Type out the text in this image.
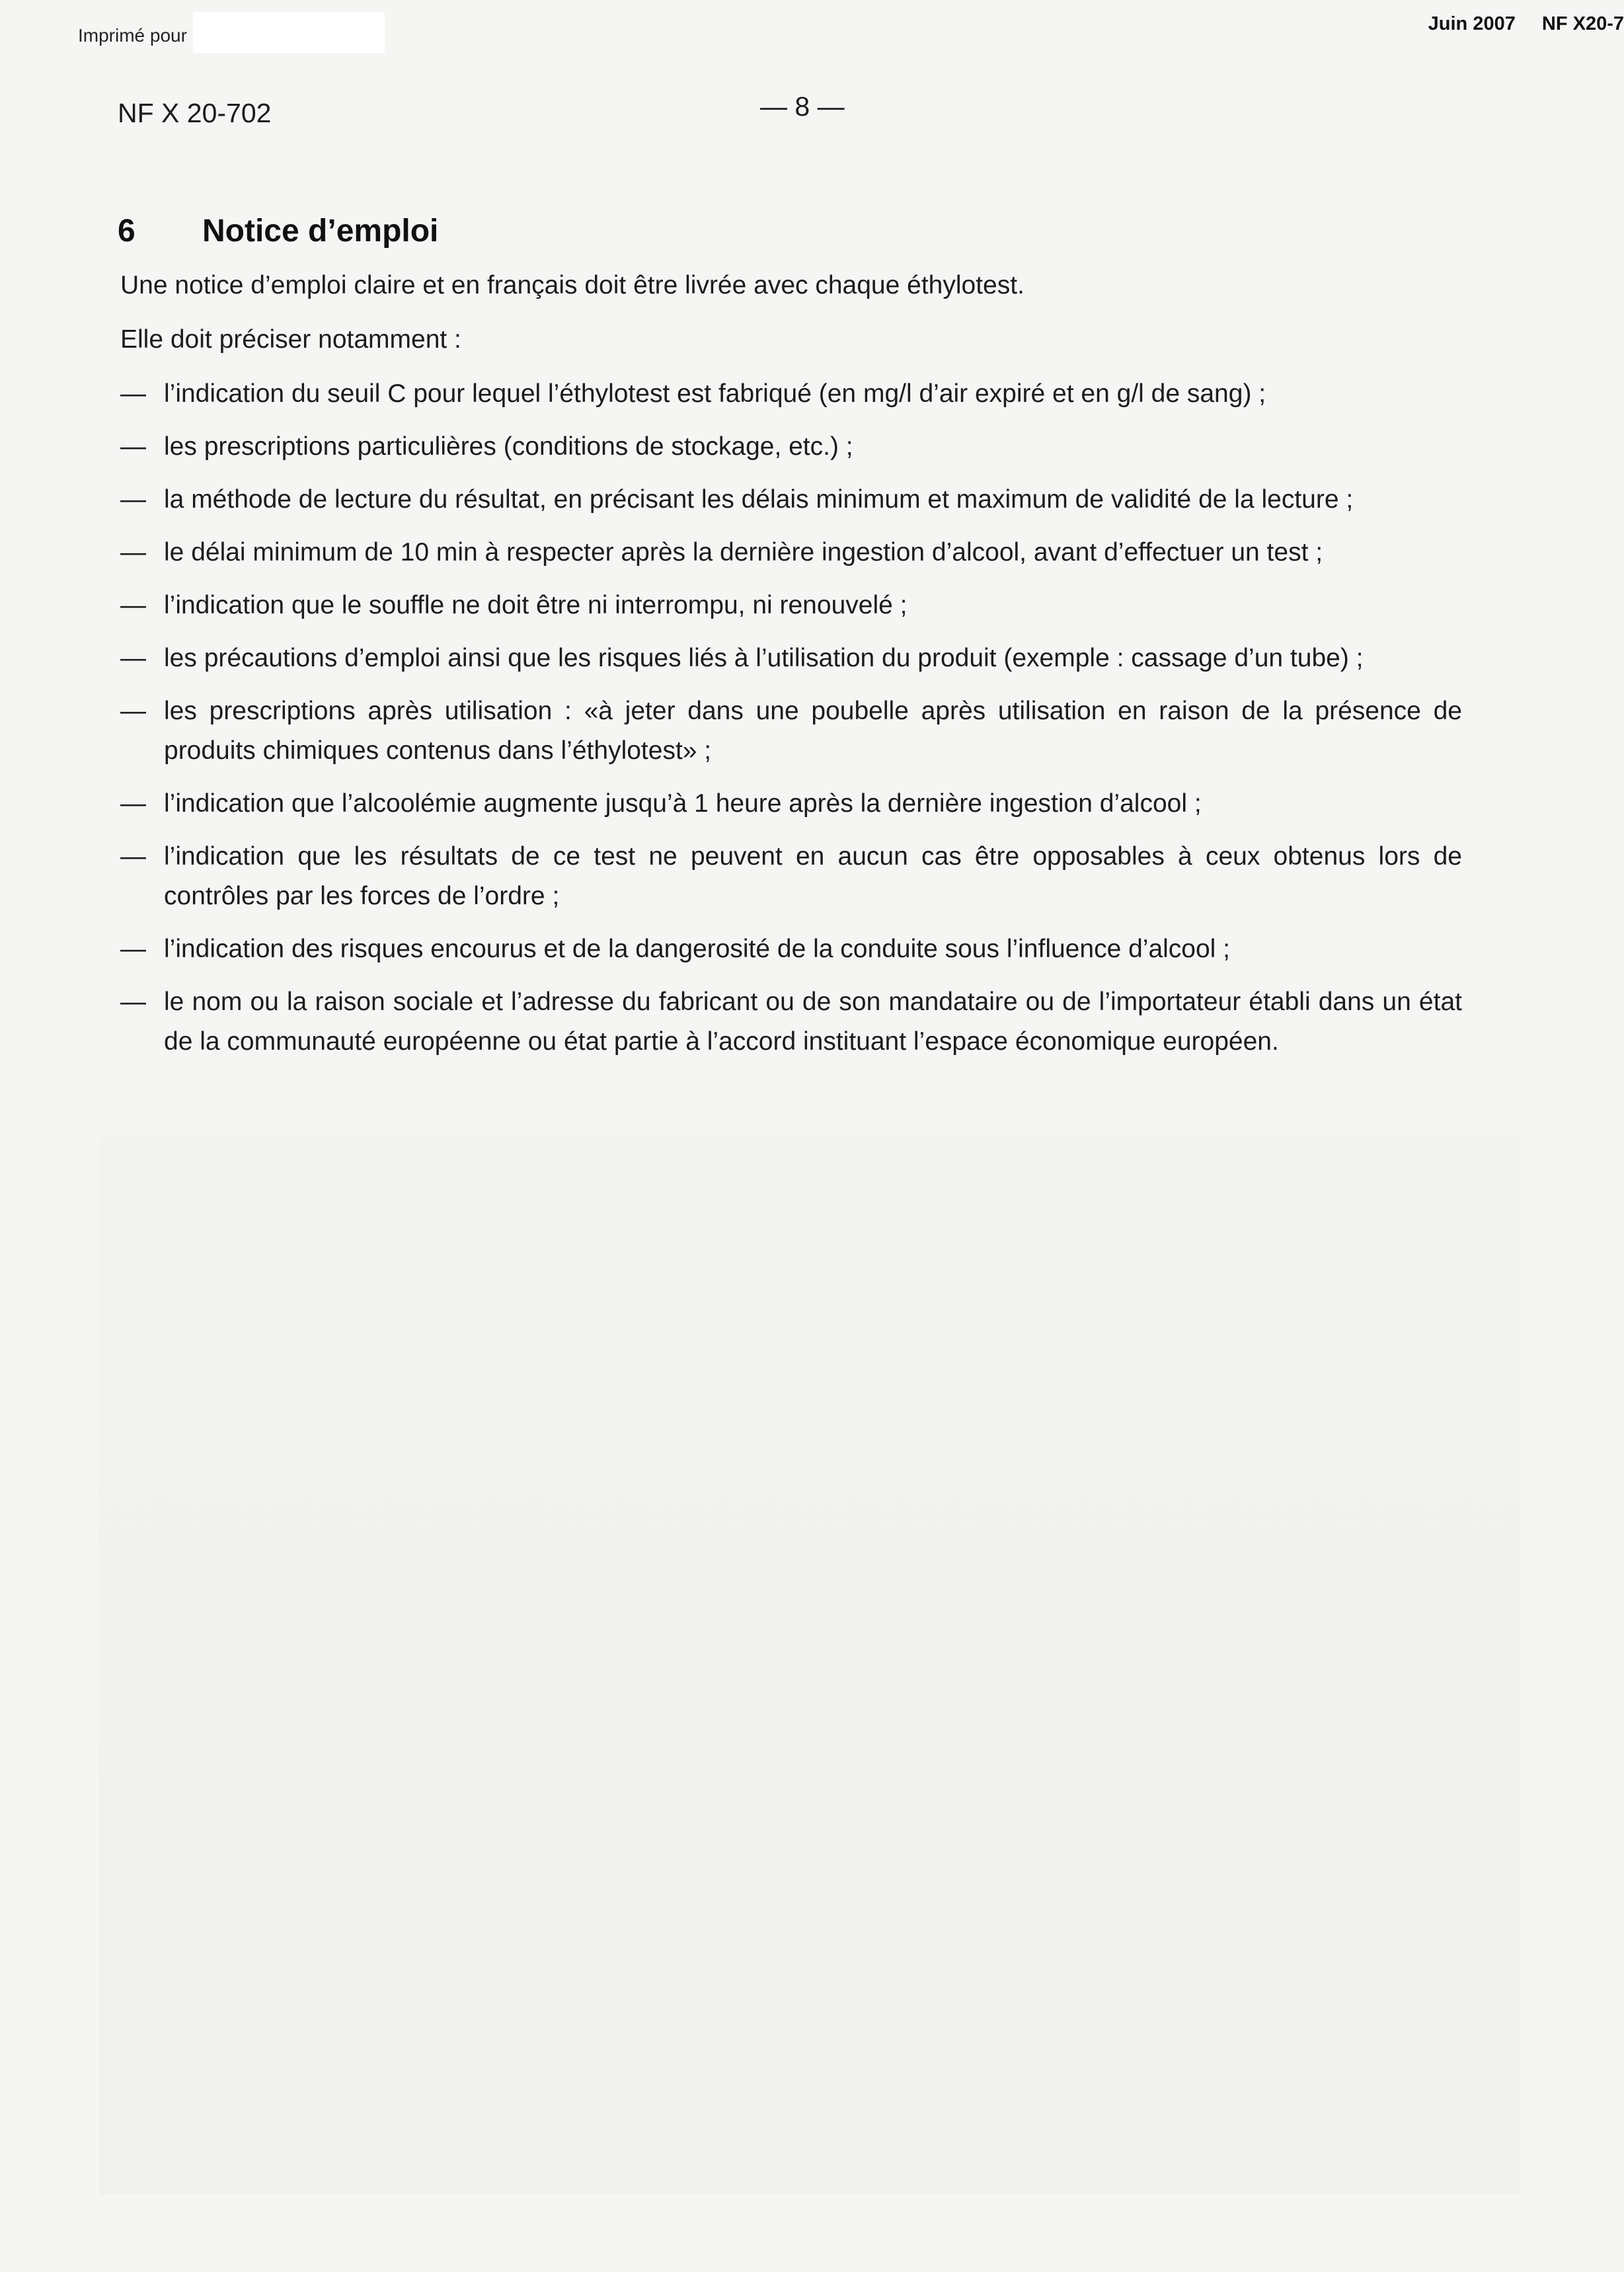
Imprimé pour
Juin 2007 NF X20-7
NF X 20-702	— 8 —
6 Notice d’emploi

Une notice d’emploi claire et en français doit être livrée avec chaque éthylotest.

Elle doit préciser notamment :

— l’indication du seuil C pour lequel l’éthylotest est fabriqué (en mg/l d’air expiré et en g/l de sang) ;
— les prescriptions particulières (conditions de stockage, etc.) ;
— la méthode de lecture du résultat, en précisant les délais minimum et maximum de validité de la lecture ;
— le délai minimum de 10 min à respecter après la dernière ingestion d’alcool, avant d’effectuer un test ;
— l’indication que le souffle ne doit être ni interrompu, ni renouvelé ;
— les précautions d’emploi ainsi que les risques liés à l’utilisation du produit (exemple : cassage d’un tube) ;
— les prescriptions après utilisation : «à jeter dans une poubelle après utilisation en raison de la présence de produits chimiques contenus dans l’éthylotest» ;
— l’indication que l’alcoolémie augmente jusqu’à 1 heure après la dernière ingestion d’alcool ;
— l’indication que les résultats de ce test ne peuvent en aucun cas être opposables à ceux obtenus lors de contrôles par les forces de l’ordre ;
— l’indication des risques encourus et de la dangerosité de la conduite sous l’influence d’alcool ;
— le nom ou la raison sociale et l’adresse du fabricant ou de son mandataire ou de l’importateur établi dans un état de la communauté européenne ou état partie à l’accord instituant l’espace économique européen.
